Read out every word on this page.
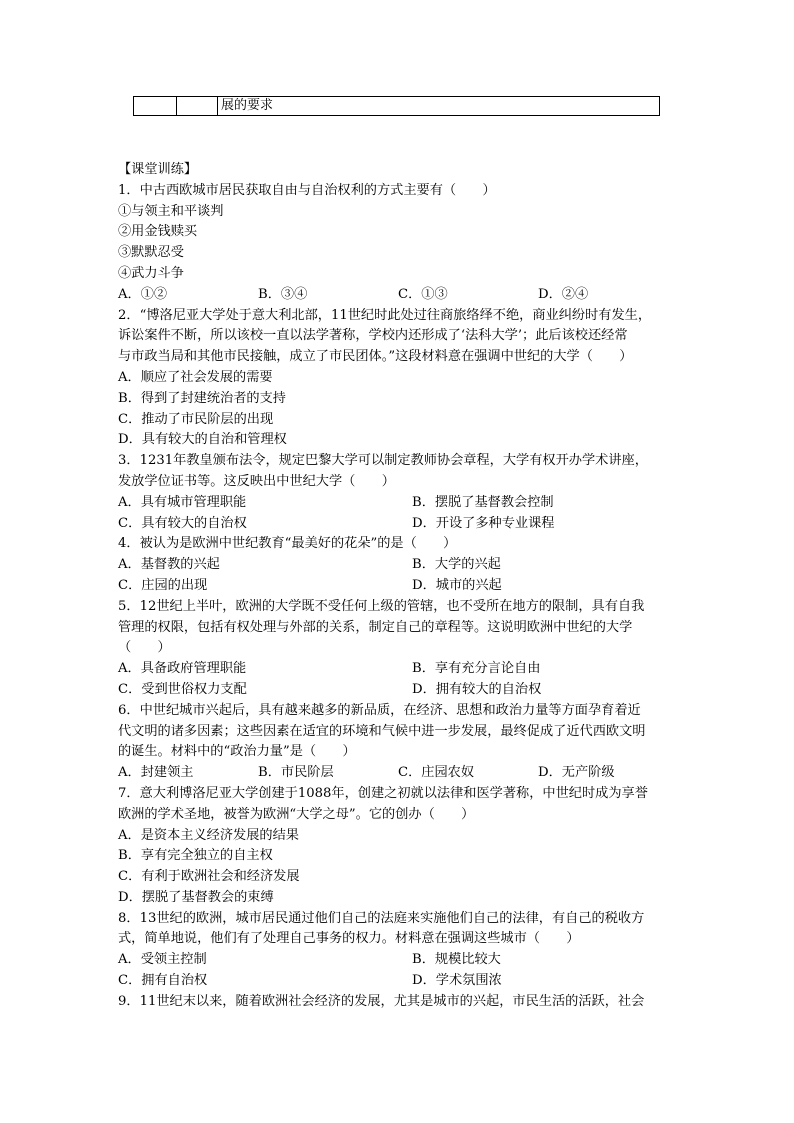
		展的要求
【课堂训练】
1．中古西欧城市居民获取自由与自治权利的方式主要有（　　）
①与领主和平谈判
②用金钱赎买
③默默忍受
④武力斗争
A．①②	B．③④	C．①③	D．②④
2．“博洛尼亚大学处于意大利北部，11世纪时此处过往商旅络绎不绝，商业纠纷时有发生，
诉讼案件不断，所以该校一直以法学著称，学校内还形成了‘法科大学’；此后该校还经常
与市政当局和其他市民接触，成立了市民团体。”这段材料意在强调中世纪的大学（　　）
A．顺应了社会发展的需要
B．得到了封建统治者的支持
C．推动了市民阶层的出现
D．具有较大的自治和管理权
3．1231年教皇颁布法令，规定巴黎大学可以制定教师协会章程，大学有权开办学术讲座，
发放学位证书等。这反映出中世纪大学（　　）
A．具有城市管理职能	B．摆脱了基督教会控制
C．具有较大的自治权	D．开设了多种专业课程
4．被认为是欧洲中世纪教育“最美好的花朵”的是（　　）
A．基督教的兴起	B．大学的兴起
C．庄园的出现	D．城市的兴起
5．12世纪上半叶，欧洲的大学既不受任何上级的管辖，也不受所在地方的限制，具有自我
管理的权限，包括有权处理与外部的关系，制定自己的章程等。这说明欧洲中世纪的大学
（　　）
A．具备政府管理职能	B．享有充分言论自由
C．受到世俗权力支配	D．拥有较大的自治权
6．中世纪城市兴起后，具有越来越多的新品质，在经济、思想和政治力量等方面孕育着近
代文明的诸多因素；这些因素在适宜的环境和气候中进一步发展，最终促成了近代西欧文明
的诞生。材料中的“政治力量”是（　　）
A．封建领主	B．市民阶层	C．庄园农奴	D．无产阶级
7．意大利博洛尼亚大学创建于1088年，创建之初就以法律和医学著称，中世纪时成为享誉
欧洲的学术圣地，被誉为欧洲“大学之母”。它的创办（　　）
A．是资本主义经济发展的结果
B．享有完全独立的自主权
C．有利于欧洲社会和经济发展
D．摆脱了基督教会的束缚
8．13世纪的欧洲，城市居民通过他们自己的法庭来实施他们自己的法律，有自己的税收方
式，简单地说，他们有了处理自己事务的权力。材料意在强调这些城市（　　）
A．受领主控制	B．规模比较大
C．拥有自治权	D．学术氛围浓
9．11世纪末以来，随着欧洲社会经济的发展，尤其是城市的兴起，市民生活的活跃，社会
